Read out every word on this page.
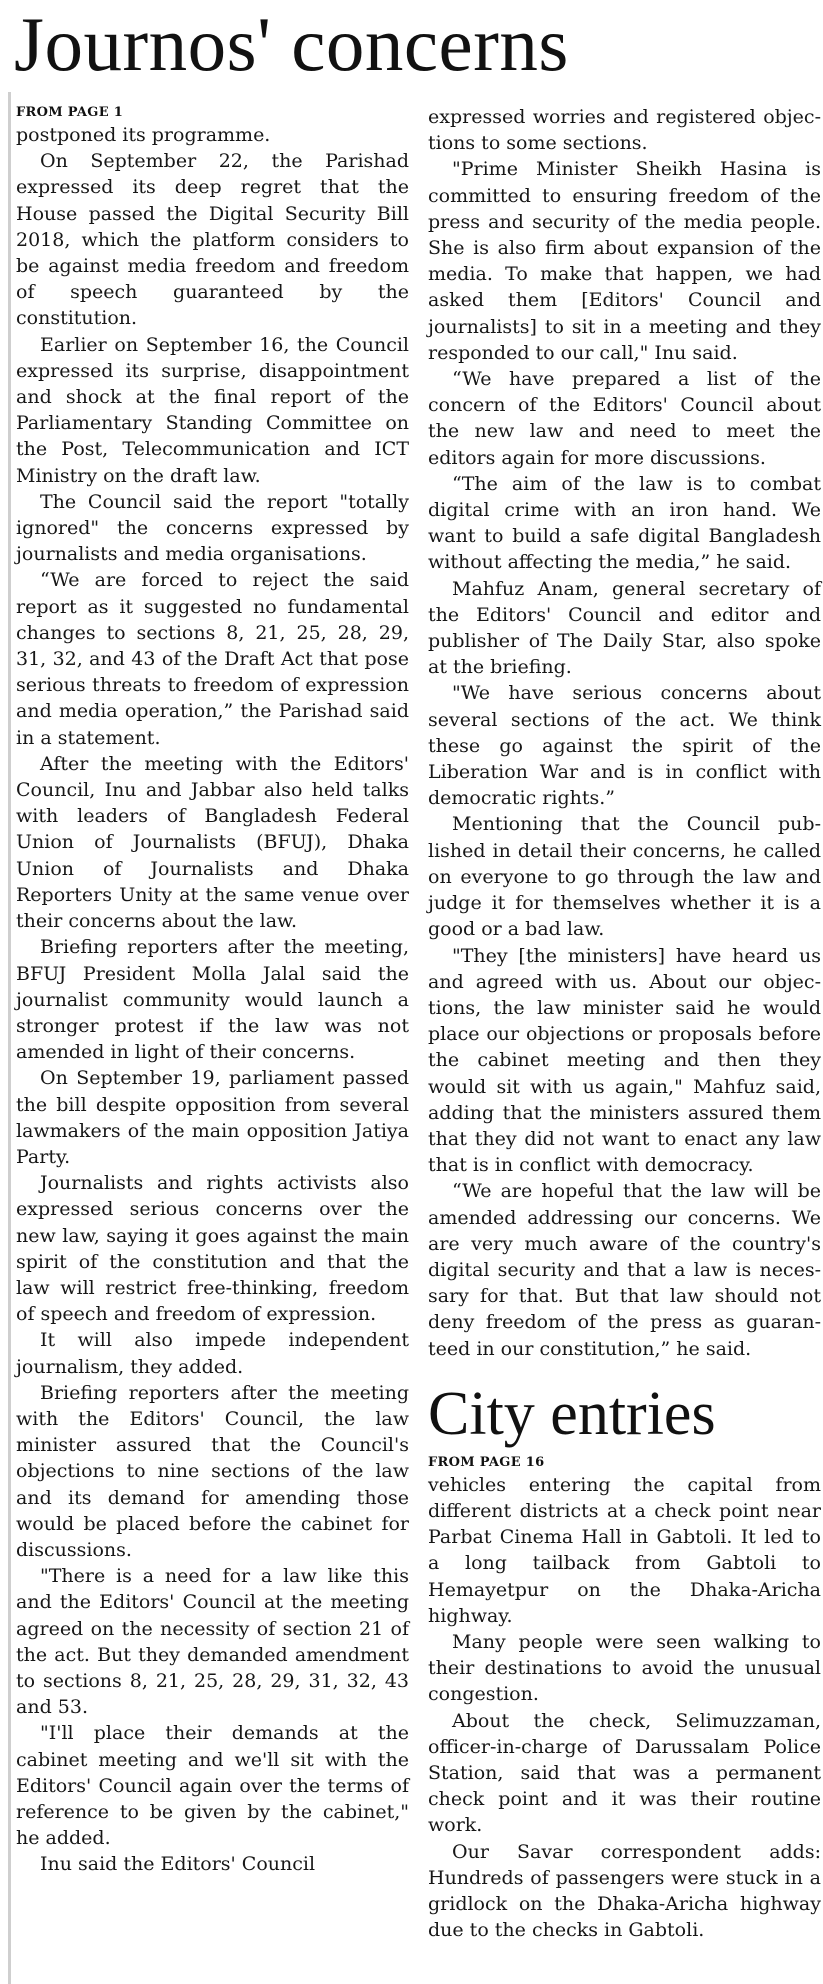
Journos' concerns
FROM PAGE 1

postponed its programme.

On September 22, the Parishad expressed its deep regret that the House passed the Digital Security Bill 2018, which the platform considers to be against media freedom and freedom of speech guaranteed by the constitution.

Earlier on September 16, the Council expressed its surprise, disappointment and shock at the final report of the Parliamentary Standing Committee on the Post, Telecommunication and ICT Ministry on the draft law.

The Council said the report "totally ignored" the concerns expressed by journalists and media organisations.

“We are forced to reject the said report as it suggested no fundamental changes to sections 8, 21, 25, 28, 29, 31, 32, and 43 of the Draft Act that pose serious threats to freedom of expression and media operation,” the Parishad said in a statement.

After the meeting with the Editors' Council, Inu and Jabbar also held talks with leaders of Bangladesh Federal Union of Journalists (BFUJ), Dhaka Union of Journalists and Dhaka Reporters Unity at the same venue over their concerns about the law.

Briefing reporters after the meeting, BFUJ President Molla Jalal said the journalist community would launch a stronger protest if the law was not amended in light of their concerns.

On September 19, parliament passed the bill despite opposition from several lawmakers of the main opposition Jatiya Party.

Journalists and rights activists also expressed serious concerns over the new law, saying it goes against the main spirit of the constitution and that the law will restrict free-thinking, freedom of speech and freedom of expression.

It will also impede independent journalism, they added.

Briefing reporters after the meeting with the Editors' Council, the law minister assured that the Council's objections to nine sections of the law and its demand for amending those would be placed before the cabinet for discussions.

"There is a need for a law like this and the Editors' Council at the meeting agreed on the necessity of section 21 of the act. But they demanded amendment to sections 8, 21, 25, 28, 29, 31, 32, 43 and 53.

"I'll place their demands at the cabinet meeting and we'll sit with the Editors' Council again over the terms of reference to be given by the cabinet," he added.

Inu said the Editors' Council

expressed worries and registered objections to some sections.

"Prime Minister Sheikh Hasina is committed to ensuring freedom of the press and security of the media people. She is also firm about expansion of the media. To make that happen, we had asked them [Editors' Council and journalists] to sit in a meeting and they responded to our call," Inu said.

“We have prepared a list of the concern of the Editors' Council about the new law and need to meet the editors again for more discussions.

“The aim of the law is to combat digital crime with an iron hand. We want to build a safe digital Bangladesh without affecting the media,” he said.

Mahfuz Anam, general secretary of the Editors' Council and editor and publisher of The Daily Star, also spoke at the briefing.

"We have serious concerns about several sections of the act. We think these go against the spirit of the Liberation War and is in conflict with democratic rights.”

Mentioning that the Council published in detail their concerns, he called on everyone to go through the law and judge it for themselves whether it is a good or a bad law.

"They [the ministers] have heard us and agreed with us. About our objections, the law minister said he would place our objections or proposals before the cabinet meeting and then they would sit with us again," Mahfuz said, adding that the ministers assured them that they did not want to enact any law that is in conflict with democracy.

“We are hopeful that the law will be amended addressing our concerns. We are very much aware of the country's digital security and that a law is necessary for that. But that law should not deny freedom of the press as guaranteed in our constitution,” he said.

City entries
FROM PAGE 16

vehicles entering the capital from different districts at a check point near Parbat Cinema Hall in Gabtoli. It led to a long tailback from Gabtoli to Hemayetpur on the Dhaka-Aricha highway.

Many people were seen walking to their destinations to avoid the unusual congestion.

About the check, Selimuzzaman, officer-in-charge of Darussalam Police Station, said that was a permanent check point and it was their routine work.

Our Savar correspondent adds: Hundreds of passengers were stuck in a gridlock on the Dhaka-Aricha highway due to the checks in Gabtoli.
